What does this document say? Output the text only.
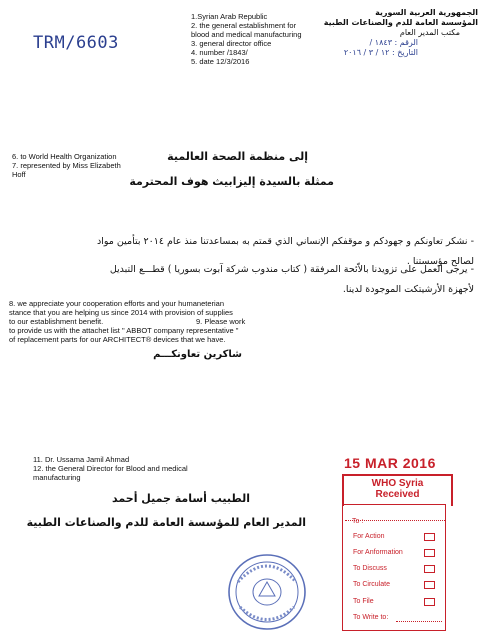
1.Syrian Arab Republic
2. the general establishment for
blood and medical manufacturing
3. general director office
4. number /1843/
5. date 12/3/2016
الجمهورية العربية السورية
المؤسسة العامة للدم والصناعات الطبية
مكتب المدير العام
الرقم : ١٨٤٣ /
التاريخ : ١٢ / ٣ / ٢٠١٦
TRM/6603
6. to World Health Organization
7. represented by Miss Elizabeth
Hoff
إلى منظمة الصحة العالمية
ممثلة بالسيدة إليزابيث هوف المحترمة
- نشكر تعاونكم و جهودكم و موقفكم الإنساني الذي قمتم به بمساعدتنا منذ عام ٢٠١٤ بتأمين مواد
لصالح مؤسستنا .
- يرجى العمل على تزويدنا بالاّئحة المرفقة ( كتاب مندوب شركة آبوت بسوريا ) قطـــع التبديل
لأجهزة الأرشيتكت الموجودة لدينا.
8. we appreciate your cooperation efforts and your humaneterian
stance that you are helping us since 2014 with provision of supplies
to our establishment benefit.
to provide us with the attachet list " ABBOT company representative "
of replacement parts for our ARCHITECT® devices that we have.
9. Please work
شاكرين تعاونكـــم
11. Dr. Ussama Jamil Ahmad
12. the General Director for Blood and medical
manufacturing
الطبيب أسامة جميل أحمد
المدير العام للمؤسسة العامة للدم والصناعات الطبية
15 MAR 2016
WHO Syria
Received
To :
For Action
For Anformation
To Discuss
To Circulate
To File
To Write to:
